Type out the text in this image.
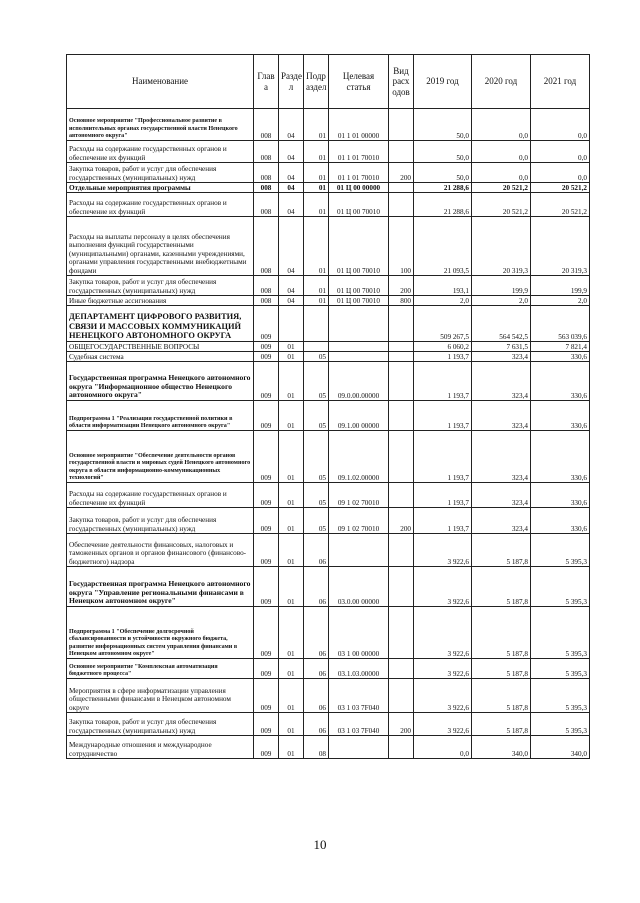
Наименование	Глав а	Разде л	Подр аздел	Целевая статья	Вид расх одов	2019 год	2020 год	2021 год
Основное мероприятие "Профессиональное развитие в исполнительных органах государственной власти Ненецкого автономного округа"	008	04	01	01 1 01 00000		50,0	0,0	0,0
Расходы на содержание государственных органов и обеспечение их функций	008	04	01	01 1 01 70010		50,0	0,0	0,0
Закупка товаров, работ и услуг для обеспечения государственных (муниципальных) нужд	008	04	01	01 1 01 70010	200	50,0	0,0	0,0
Отдельные мероприятия программы	008	04	01	01 Ц 00 00000		21 288,6	20 521,2	20 521,2
Расходы на содержание государственных органов и обеспечение их функций	008	04	01	01 Ц 00 70010		21 288,6	20 521,2	20 521,2
Расходы на выплаты персоналу в целях обеспечения выполнения функций государственными (муниципальными) органами, казенными учреждениями, органами управления государственными внебюджетными фондами	008	04	01	01 Ц 00 70010	100	21 093,5	20 319,3	20 319,3
Закупка товаров, работ и услуг для обеспечения государственных (муниципальных) нужд	008	04	01	01 Ц 00 70010	200	193,1	199,9	199,9
Иные бюджетные ассигнования	008	04	01	01 Ц 00 70010	800	2,0	2,0	2,0
ДЕПАРТАМЕНТ ЦИФРОВОГО РАЗВИТИЯ, СВЯЗИ И МАССОВЫХ КОММУНИКАЦИЙ НЕНЕЦКОГО АВТОНОМНОГО ОКРУГА	009					509 267,5	564 542,5	563 039,6
ОБЩЕГОСУДАРСТВЕННЫЕ ВОПРОСЫ	009	01				6 060,2	7 631,5	7 821,4
Судебная система	009	01	05			1 193,7	323,4	330,6
Государственная программа Ненецкого автономного округа "Информационное общество Ненецкого автономного округа"	009	01	05	09.0.00.00000		1 193,7	323,4	330,6
Подпрограмма 1 "Реализация государственной политики в области информатизации Ненецкого автономного округа"	009	01	05	09.1.00 00000		1 193,7	323,4	330,6
Основное мероприятие "Обеспечение деятельности органов государственной власти и мировых судей Ненецкого автономного округа в области информационно-коммуникационных технологий"	009	01	05	09.1.02.00000		1 193,7	323,4	330,6
Расходы на содержание государственных органов и обеспечение их функций	009	01	05	09 1 02 70010		1 193,7	323,4	330,6
Закупка товаров, работ и услуг для обеспечения государственных (муниципальных) нужд	009	01	05	09 1 02 70010	200	1 193,7	323,4	330,6
Обеспечение деятельности финансовых, налоговых и таможенных органов и органов финансового (финансово-бюджетного) надзора	009	01	06			3 922,6	5 187,8	5 395,3
Государственная программа Ненецкого автономного округа "Управление региональными финансами в Ненецком автономном округе"	009	01	06	03.0.00 00000		3 922,6	5 187,8	5 395,3
Подпрограмма 1 "Обеспечение долгосрочной сбалансированности и устойчивости окружного бюджета, развитие информационных систем управления финансами в Ненецком автономном округе"	009	01	06	03 1 00 00000		3 922,6	5 187,8	5 395,3
Основное мероприятие "Комплексная автоматизация бюджетного процесса"	009	01	06	03.1.03.00000		3 922,6	5 187,8	5 395,3
Мероприятия в сфере информатизации управления общественными финансами в Ненецком автономном округе	009	01	06	03 1 03 7F040		3 922,6	5 187,8	5 395,3
Закупка товаров, работ и услуг для обеспечения государственных (муниципальных) нужд	009	01	06	03 1 03 7F040	200	3 922,6	5 187,8	5 395,3
Международные отношения и международное сотрудничество	009	01	08			0,0	340,0	340,0
10
